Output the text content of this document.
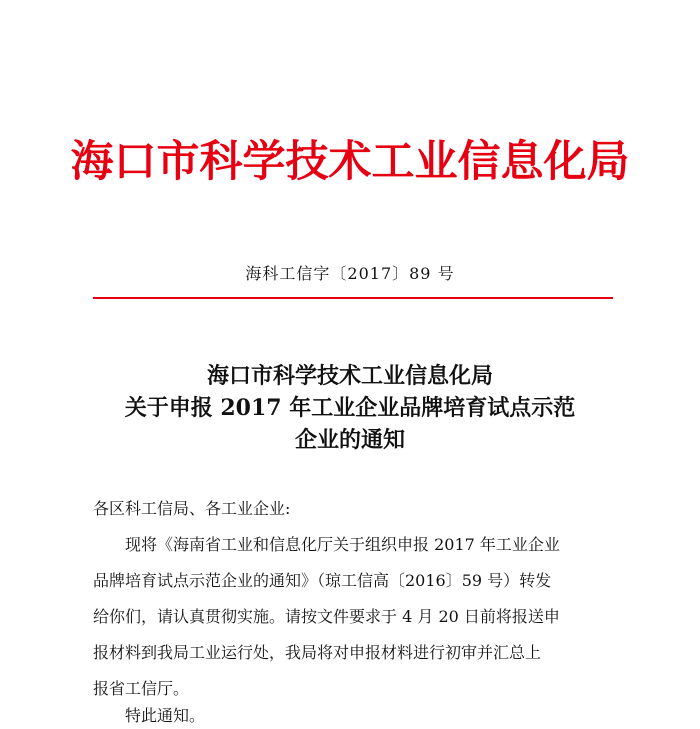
海口市科学技术工业信息化局
海科工信字〔2017〕89 号
海口市科学技术工业信息化局
关于申报 2017 年工业企业品牌培育试点示范
企业的通知
各区科工信局、各工业企业:
现将《海南省工业和信息化厅关于组织申报 2017 年工业企业
品牌培育试点示范企业的通知》（琼工信高〔2016〕59 号）转发
给你们，请认真贯彻实施。请按文件要求于 4 月 20 日前将报送申
报材料到我局工业运行处，我局将对申报材料进行初审并汇总上
报省工信厅。
特此通知。
